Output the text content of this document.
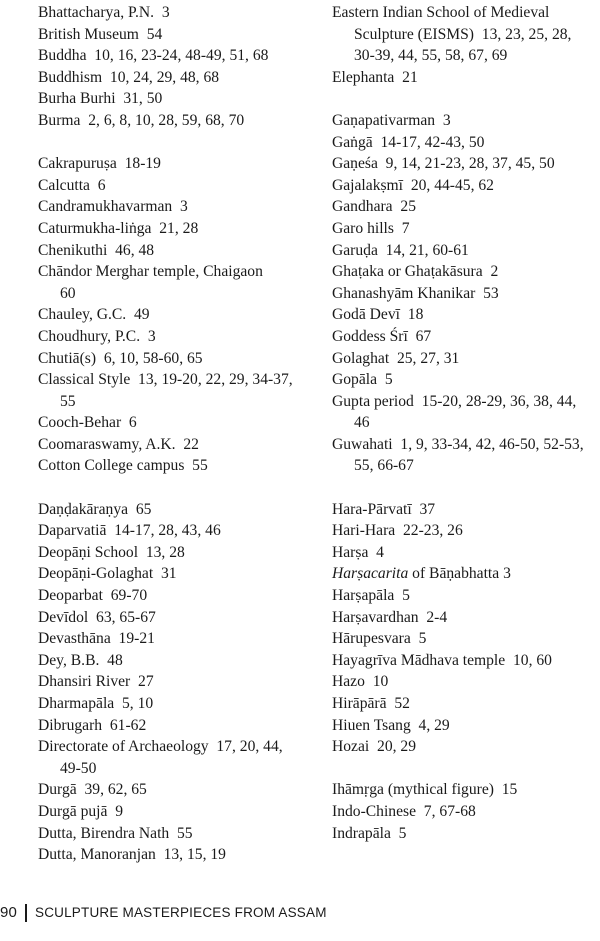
Bhattacharya, P.N. 3
British Museum 54
Buddha 10, 16, 23-24, 48-49, 51, 68
Buddhism 10, 24, 29, 48, 68
Burha Burhi 31, 50
Burma 2, 6, 8, 10, 28, 59, 68, 70
Cakrapuruṣa 18-19
Calcutta 6
Candramukhavarman 3
Caturmukha-liṅga 21, 28
Chenikuthi 46, 48
Chāndor Merghar temple, Chaigaon
60
Chauley, G.C. 49
Choudhury, P.C. 3
Chutiā(s) 6, 10, 58-60, 65
Classical Style 13, 19-20, 22, 29, 34-37,
55
Cooch-Behar 6
Coomaraswamy, A.K. 22
Cotton College campus 55
Daṇḍakāraṇya 65
Daparvatiā 14-17, 28, 43, 46
Deopāṇi School 13, 28
Deopāṇi-Golaghat 31
Deoparbat 69-70
Devīdol 63, 65-67
Devasthāna 19-21
Dey, B.B. 48
Dhansiri River 27
Dharmapāla 5, 10
Dibrugarh 61-62
Directorate of Archaeology 17, 20, 44,
49-50
Durgā 39, 62, 65
Durgā pujā 9
Dutta, Birendra Nath 55
Dutta, Manoranjan 13, 15, 19
Eastern Indian School of Medieval
Sculpture (EISMS) 13, 23, 25, 28,
30-39, 44, 55, 58, 67, 69
Elephanta 21
Gaṇapativarman 3
Gaṅgā 14-17, 42-43, 50
Gaṇeśa 9, 14, 21-23, 28, 37, 45, 50
Gajalakṣmī 20, 44-45, 62
Gandhara 25
Garo hills 7
Garuḍa 14, 21, 60-61
Ghaṭaka or Ghaṭakāsura 2
Ghanashyām Khanikar 53
Godā Devī 18
Goddess Śrī 67
Golaghat 25, 27, 31
Gopāla 5
Gupta period 15-20, 28-29, 36, 38, 44,
46
Guwahati 1, 9, 33-34, 42, 46-50, 52-53,
55, 66-67
Hara-Pārvatī 37
Hari-Hara 22-23, 26
Harṣa 4
Harṣacarita of Bāṇabhatta 3
Harṣapāla 5
Harṣavardhan 2-4
Hārupesvara 5
Hayagrīva Mādhava temple 10, 60
Hazo 10
Hirāpārā 52
Hiuen Tsang 4, 29
Hozai 20, 29
Ihāmṛga (mythical figure) 15
Indo-Chinese 7, 67-68
Indrapāla 5
90 SCULPTURE MASTERPIECES FROM ASSAM
